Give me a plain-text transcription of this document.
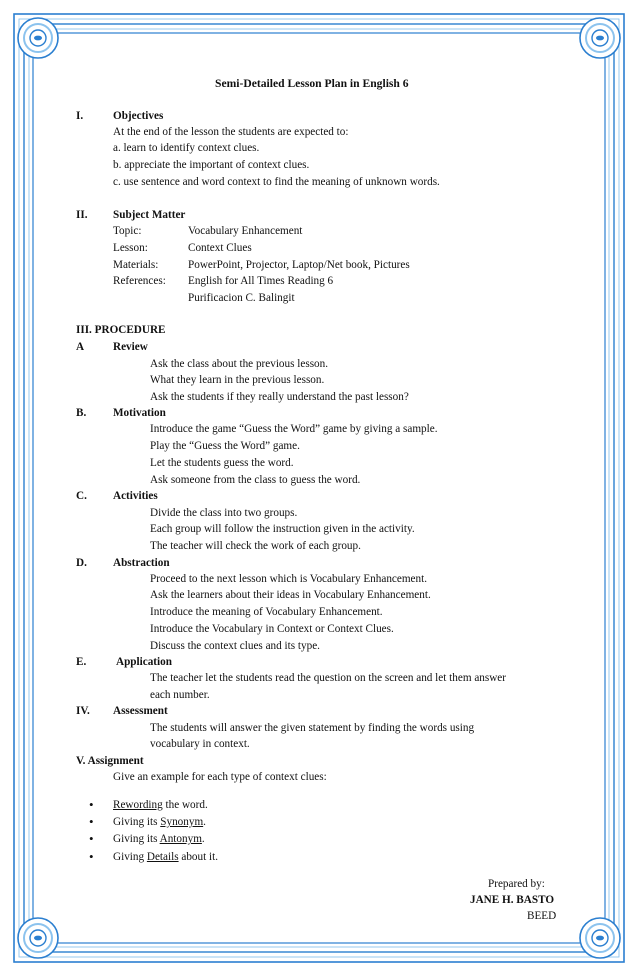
Semi-Detailed Lesson Plan in English 6
I.	Objectives
At the end of the lesson the students are expected to:
a. learn to identify context clues.
b. appreciate the important of context clues.
c. use sentence and word context to find the meaning of unknown words.
II. Subject Matter
Topic:	Vocabulary Enhancement
Lesson:	Context Clues
Materials:	PowerPoint, Projector, Laptop/Net book, Pictures
References: English for All Times Reading 6
Purificacion C. Balingit
III. PROCEDURE
A	Review
Ask the class about the previous lesson.
What they learn in the previous lesson.
Ask the students if they really understand the past lesson?
B. Motivation
Introduce the game “Guess the Word” game by giving a sample.
Play the “Guess the Word” game.
Let the students guess the word.
Ask someone from the class to guess the word.
C. Activities
Divide the class into two groups.
Each group will follow the instruction given in the activity.
The teacher will check the work of each group.
D. Abstraction
Proceed to the next lesson which is Vocabulary Enhancement.
Ask the learners about their ideas in Vocabulary Enhancement.
Introduce the meaning of Vocabulary Enhancement.
Introduce the Vocabulary in Context or Context Clues.
Discuss the context clues and its type.
E.	Application
The teacher let the students read the question on the screen and let them answer
each number.
IV. Assessment
The students will answer the given statement by finding the words using
vocabulary in context.
V. Assignment
Give an example for each type of context clues:
• Rewording the word.
• Giving its Synonym.
• Giving its Antonym.
• Giving Details about it.
Prepared by:
JANE H. BASTO
BEED
